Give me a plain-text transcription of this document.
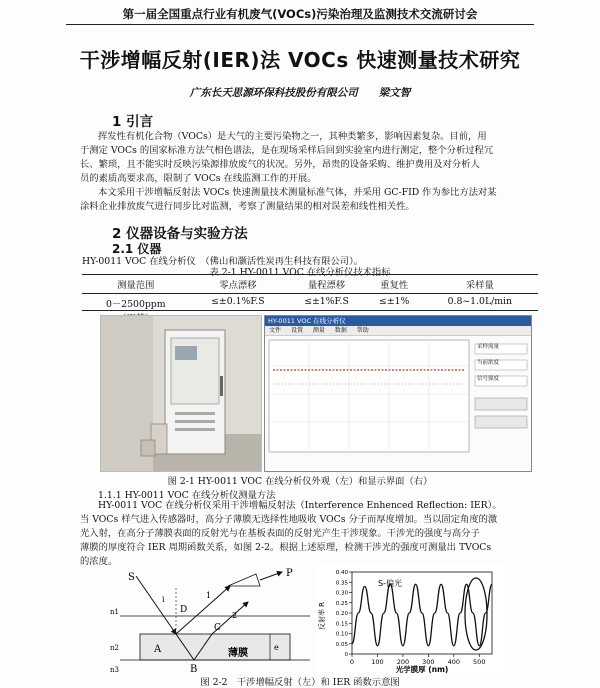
第一届全国重点行业有机废气(VOCs)污染治理及监测技术交流研讨会
干涉增幅反射(IER)法 VOCs 快速测量技术研究
广东长天思源环保科技股份有限公司　　梁文智
1 引言
挥发性有机化合物（VOCs）是大气的主要污染物之一，其种类繁多，影响因素复杂。目前，用
于测定 VOCs 的国家标准方法气相色谱法，是在现场采样后回到实验室内进行测定，整个分析过程冗
长、繁琐，且不能实时反映污染源排放废气的状况。另外，昂贵的设备采购、维护费用及对分析人
员的素质高要求高，限制了 VOCs 在线监测工作的开展。
本文采用干涉增幅反射法 VOCs 快速测量技术测量标准气体，并采用 GC-FID 作为参比方法对某
涂料企业排放废气进行同步比对监测，考察了测量结果的相对误差和线性相关性。
2 仪器设备与实验方法
2.1 仪器
HY-0011 VOC 在线分析仪　（佛山和灏活性炭再生科技有限公司）。
表 2-1 HY-0011 VOC 在线分析仪技术指标
测量范围	零点漂移	量程漂移	重复性	采样量

0－2500ppm	≤±0.1%F.S	≤±1%F.S	≤±1%	0.8~1.0L/min
HY-0011 VOC 在线分析仪
文件 设置 测量 数据 帮助
采样流量
当前浓度
信号强度
图 2-1 HY-0011 VOC 在线分析仪外观（左）和显示界面（右）
1.1.1 HY-0011 VOC 在线分析仪测量方法
HY-0011 VOC 在线分析仪采用干涉增幅反射法（Interference Enhenced Reflection: IER）。
当 VOCs 样气进入传感器时，高分子薄膜无选择性地吸收 VOCs 分子而厚度增加。当以固定角度的激
光入射，在高分子薄膜表面的反射光与在基板表面的反射光产生干涉现象。干涉光的强度与高分子
薄膜的厚度符合 IER 周期函数关系，如图 2-2。根据上述原理，检测干涉光的强度可测量出 TVOCs
的浓度。
S	P
i
D
1
2
C
A
B
e
n1
n2
n3
薄膜	0
0.05
0.10
0.15
0.20
0.25
0.30
0.35
0.40
0	100 200 300 400 500
S-偏光
反射率 R
光学膜厚 (nm)
图 2-2　干涉增幅反射（左）和 IER 函数示意图
